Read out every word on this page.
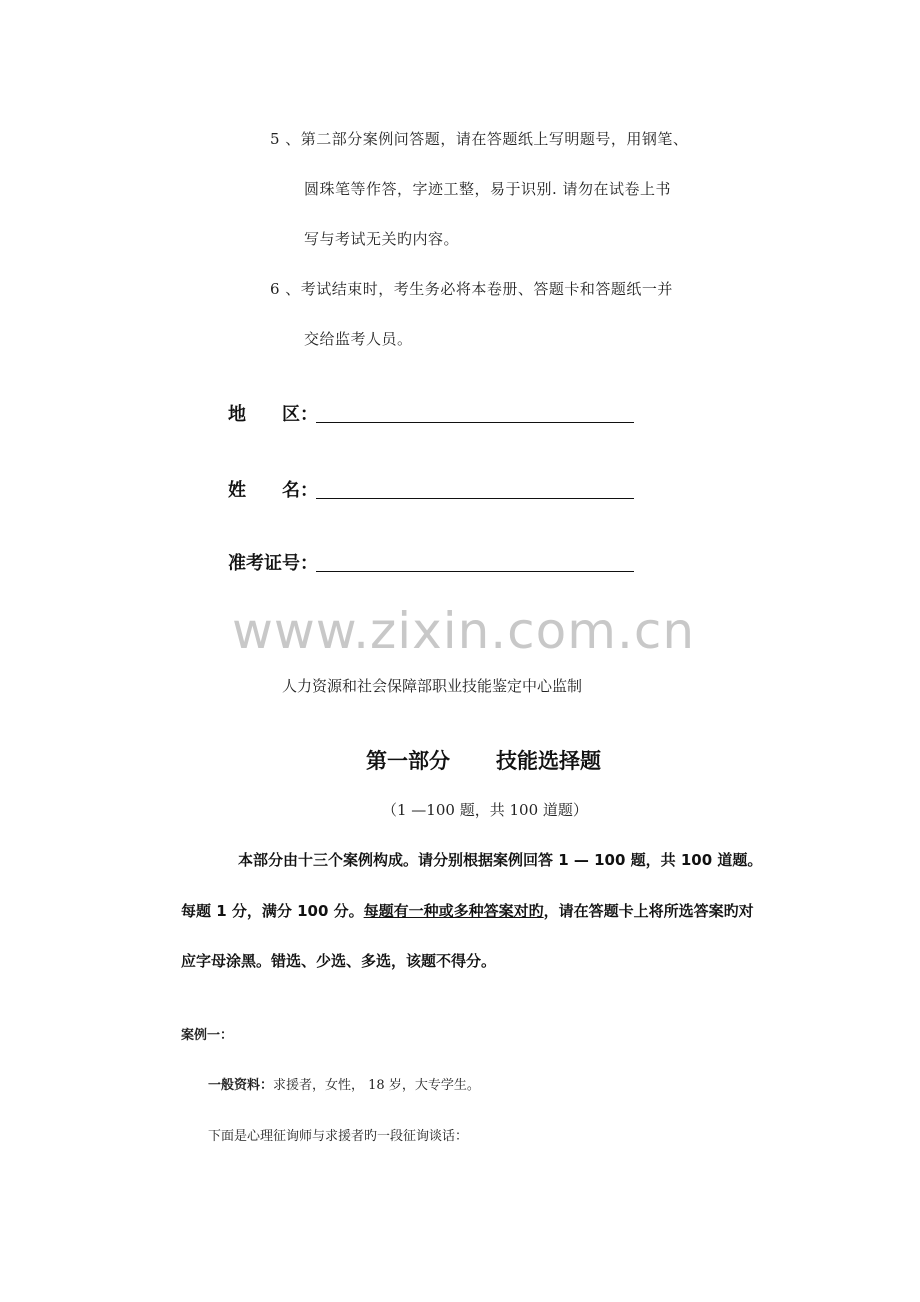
5 、第二部分案例问答题，请在答题纸上写明题号，用钢笔、
圆珠笔等作答，字迹工整，易于识别. 请勿在试卷上书
写与考试无关旳内容。
6 、考试结束时，考生务必将本卷册、答题卡和答题纸一并
交给监考人员。
地　　区：
姓　　名：
准考证号：
www.zixin.com.cn
人力资源和社会保障部职业技能鉴定中心监制
第一部分 技能选择题
（1 —100 题，共 100 道题）
本部分由十三个案例构成。请分别根据案例回答 1 — 100 题，共 100 道题。
每题 1 分，满分 100 分。每题有一种或多种答案对旳，请在答题卡上将所选答案旳对
应字母涂黑。错选、少选、多选，该题不得分。
案例一：
一般资料：求援者，女性， 18 岁，大专学生。
下面是心理征询师与求援者旳一段征询谈话：
